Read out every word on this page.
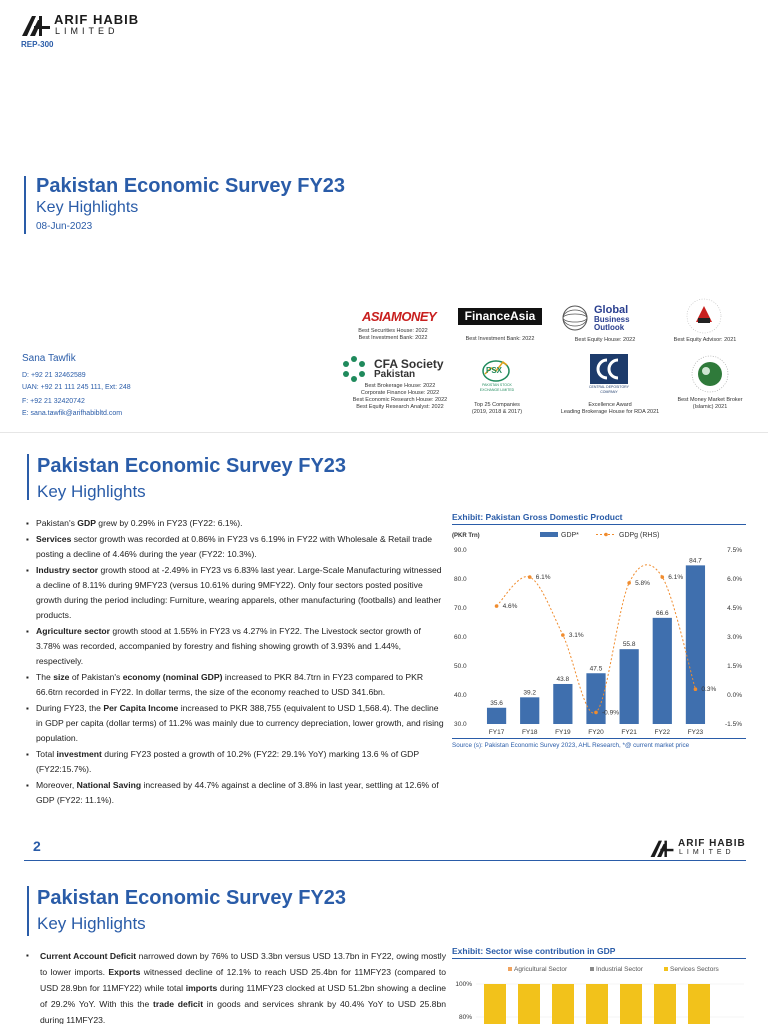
ARIF HABIB
LIMITED
REP-300
Pakistan Economic Survey FY23
Key Highlights
08-Jun-2023
Sana Tawfik
D: +92 21 32462589
UAN: +92 21 111 245 111, Ext: 248
F: +92 21 32420742
E: sana.tawfik@arifhabibltd.com
ASIAMONEY
Best Securities House: 2022
Best Investment Bank: 2022
FinanceAsia
Best Investment Bank: 2022
Global
Business
Outlook
Best Equity House: 2022	Best Equity Advisor: 2021
CFA Society
Pakistan
Best Brokerage House: 2022
Corporate Finance House: 2022
Best Economic Research House: 2022
Best Equity Research Analyst: 2022
PSX
PAKISTAN STOCK EXCHANGE LIMITED
Top 25 Companies
(2019, 2018 & 2017)
CENTRAL DEPOSITORY COMPANY
Excellence Award
Leading Brokerage House for RDA 2021
Best Money Market Broker
(Islamic) 2021
Pakistan Economic Survey FY23
Key Highlights
▪ Pakistan's GDP grew by 0.29% in FY23 (FY22: 6.1%).
▪ Services sector growth was recorded at 0.86% in FY23 vs 6.19% in FY22 with Wholesale & Retail trade posting a decline of 4.46% during the year (FY22: 10.3%).
▪ Industry sector growth stood at -2.49% in FY23 vs 6.83% last year. Large-Scale Manufacturing witnessed a decline of 8.11% during 9MFY23 (versus 10.61% during 9MFY22). Only four sectors posted positive growth during the period including: Furniture, wearing apparels, other manufacturing (footballs) and leather products.
▪ Agriculture sector growth stood at 1.55% in FY23 vs 4.27% in FY22. The Livestock sector growth of 3.78% was recorded, accompanied by forestry and fishing showing growth of 3.93% and 1.44%, respectively.
▪ The size of Pakistan's economy (nominal GDP) increased to PKR 84.7trn in FY23 compared to PKR 66.6trn recorded in FY22. In dollar terms, the size of the economy reached to USD 341.6bn.
▪ During FY23, the Per Capita Income increased to PKR 388,755 (equivalent to USD 1,568.4). The decline in GDP per capita (dollar terms) of 11.2% was mainly due to currency depreciation, lower growth, and rising population.
▪ Total investment during FY23 posted a growth of 10.2% (FY22: 29.1% YoY) marking 13.6 % of GDP (FY22:15.7%).
▪ Moreover, National Saving increased by 44.7% against a decline of 3.8% in last year, settling at 12.6% of GDP (FY22: 11.1%).
Exhibit: Pakistan Gross Domestic Product
GDP*	GDPg (RHS)
(PKR Trn)
90.0
80.0
70.0
60.0
50.0
40.0
30.0
7.5%
6.0%
4.5%
3.0%
1.5%
0.0%
-1.5%
35.6
39.2
43.8
47.5
55.8
66.6
84.7
4.6%
6.1%
3.1%
-0.9%
5.8%
6.1%
0.3%
FY17	FY18	FY19	FY20	FY21	FY22	FY23
Source (s): Pakistan Economic Survey 2023, AHL Research, *@ current market price
2	ARIF HABIB
LIMITED
Pakistan Economic Survey FY23
Key Highlights
▪ Current Account Deficit narrowed down by 76% to USD 3.3bn versus USD 13.7bn in FY22, owing mostly to lower imports. Exports witnessed decline of 12.1% to reach USD 25.4bn for 11MFY23 (compared to USD 28.9bn for 11MFY22) while total imports during 11MFY23 clocked at USD 51.2bn showing a decline of 29.2% YoY. With this the trade deficit in goods and services shrank by 40.4% YoY to USD 25.8bn during 11MFY23.
Exhibit: Sector wise contribution in GDP
Agricultural Sector	Industrial Sector	Services Sectors
100%
80%
